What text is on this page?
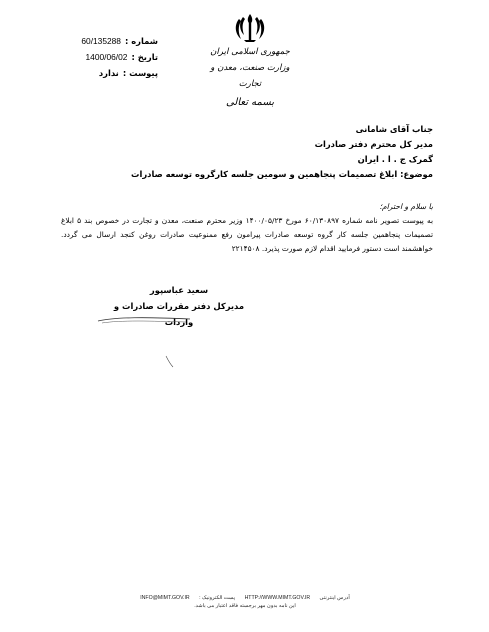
شماره :
60/135288
تاریخ :
1400/06/02
پیوست :
ندارد
جمهوری اسلامی ایران
وزارت صنعت، معدن و تجارت
بسمه تعالی
جناب آقای شامانی
مدیر کل محترم دفتر صادرات
گمرک ج . ا . ایران
موضوع: ابلاغ تصمیمات پنجاهمین و سومین جلسه کارگروه توسعه صادرات
با سلام و احترام؛
به پیوست تصویر نامه شماره ۶۰/۱۳۰۸۹۷ مورخ ۱۴۰۰/۰۵/۲۳ وزیر محترم صنعت، معدن و تجارت در خصوص بند ۵ ابلاغ تصمیمات پنجاهمین جلسه کار گروه توسعه صادرات پیرامون رفع ممنوعیت صادرات روغن کنجد ارسال می گردد. خواهشمند است دستور فرمایید اقدام لازم صورت پذیرد. ۲۲۱۴۵۰۸
سعید عباسپور
مدیرکل دفتر مقررات صادرات و واردات
آدرس اینترنتی HTTP://WWW.MIMT.GOV.IR پست الکترونیک : INFO@MIMT.GOV.IR
این نامه بدون مهر برجسته فاقد اعتبار می باشد.
